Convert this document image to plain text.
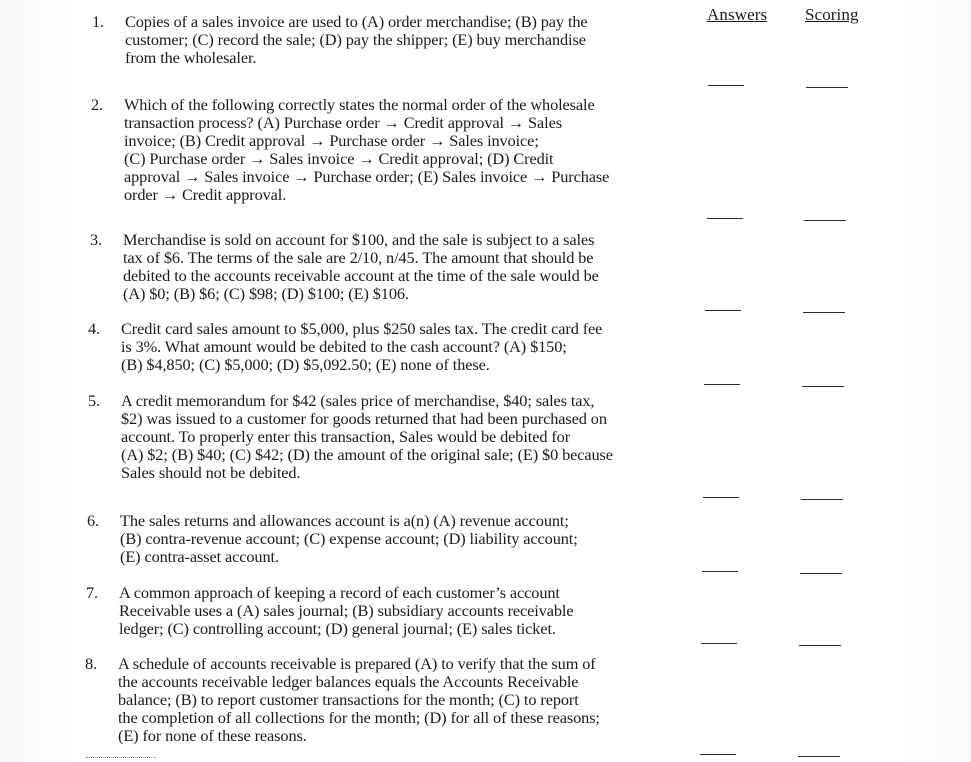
Answers Scoring
1.	Copies of a sales invoice are used to (A) order merchandise; (B) pay the
customer; (C) record the sale; (D) pay the shipper; (E) buy merchandise
from the wholesaler.
2.	Which of the following correctly states the normal order of the wholesale
transaction process? (A) Purchase order → Credit approval → Sales
invoice; (B) Credit approval → Purchase order → Sales invoice;
(C) Purchase order → Sales invoice → Credit approval; (D) Credit
approval → Sales invoice → Purchase order; (E) Sales invoice → Purchase
order → Credit approval.
3.	Merchandise is sold on account for $100, and the sale is subject to a sales
tax of $6. The terms of the sale are 2/10, n/45. The amount that should be
debited to the accounts receivable account at the time of the sale would be
(A) $0; (B) $6; (C) $98; (D) $100; (E) $106.
4.	Credit card sales amount to $5,000, plus $250 sales tax. The credit card fee
is 3%. What amount would be debited to the cash account? (A) $150;
(B) $4,850; (C) $5,000; (D) $5,092.50; (E) none of these.
5.	A credit memorandum for $42 (sales price of merchandise, $40; sales tax,
$2) was issued to a customer for goods returned that had been purchased on
account. To properly enter this transaction, Sales would be debited for
(A) $2; (B) $40; (C) $42; (D) the amount of the original sale; (E) $0 because
Sales should not be debited.
6.	The sales returns and allowances account is a(n) (A) revenue account;
(B) contra-revenue account; (C) expense account; (D) liability account;
(E) contra-asset account.
7.	A common approach of keeping a record of each customer’s account
Receivable uses a (A) sales journal; (B) subsidiary accounts receivable
ledger; (C) controlling account; (D) general journal; (E) sales ticket.
8.	A schedule of accounts receivable is prepared (A) to verify that the sum of
the accounts receivable ledger balances equals the Accounts Receivable
balance; (B) to report customer transactions for the month; (C) to report
the completion of all collections for the month; (D) for all of these reasons;
(E) for none of these reasons.
